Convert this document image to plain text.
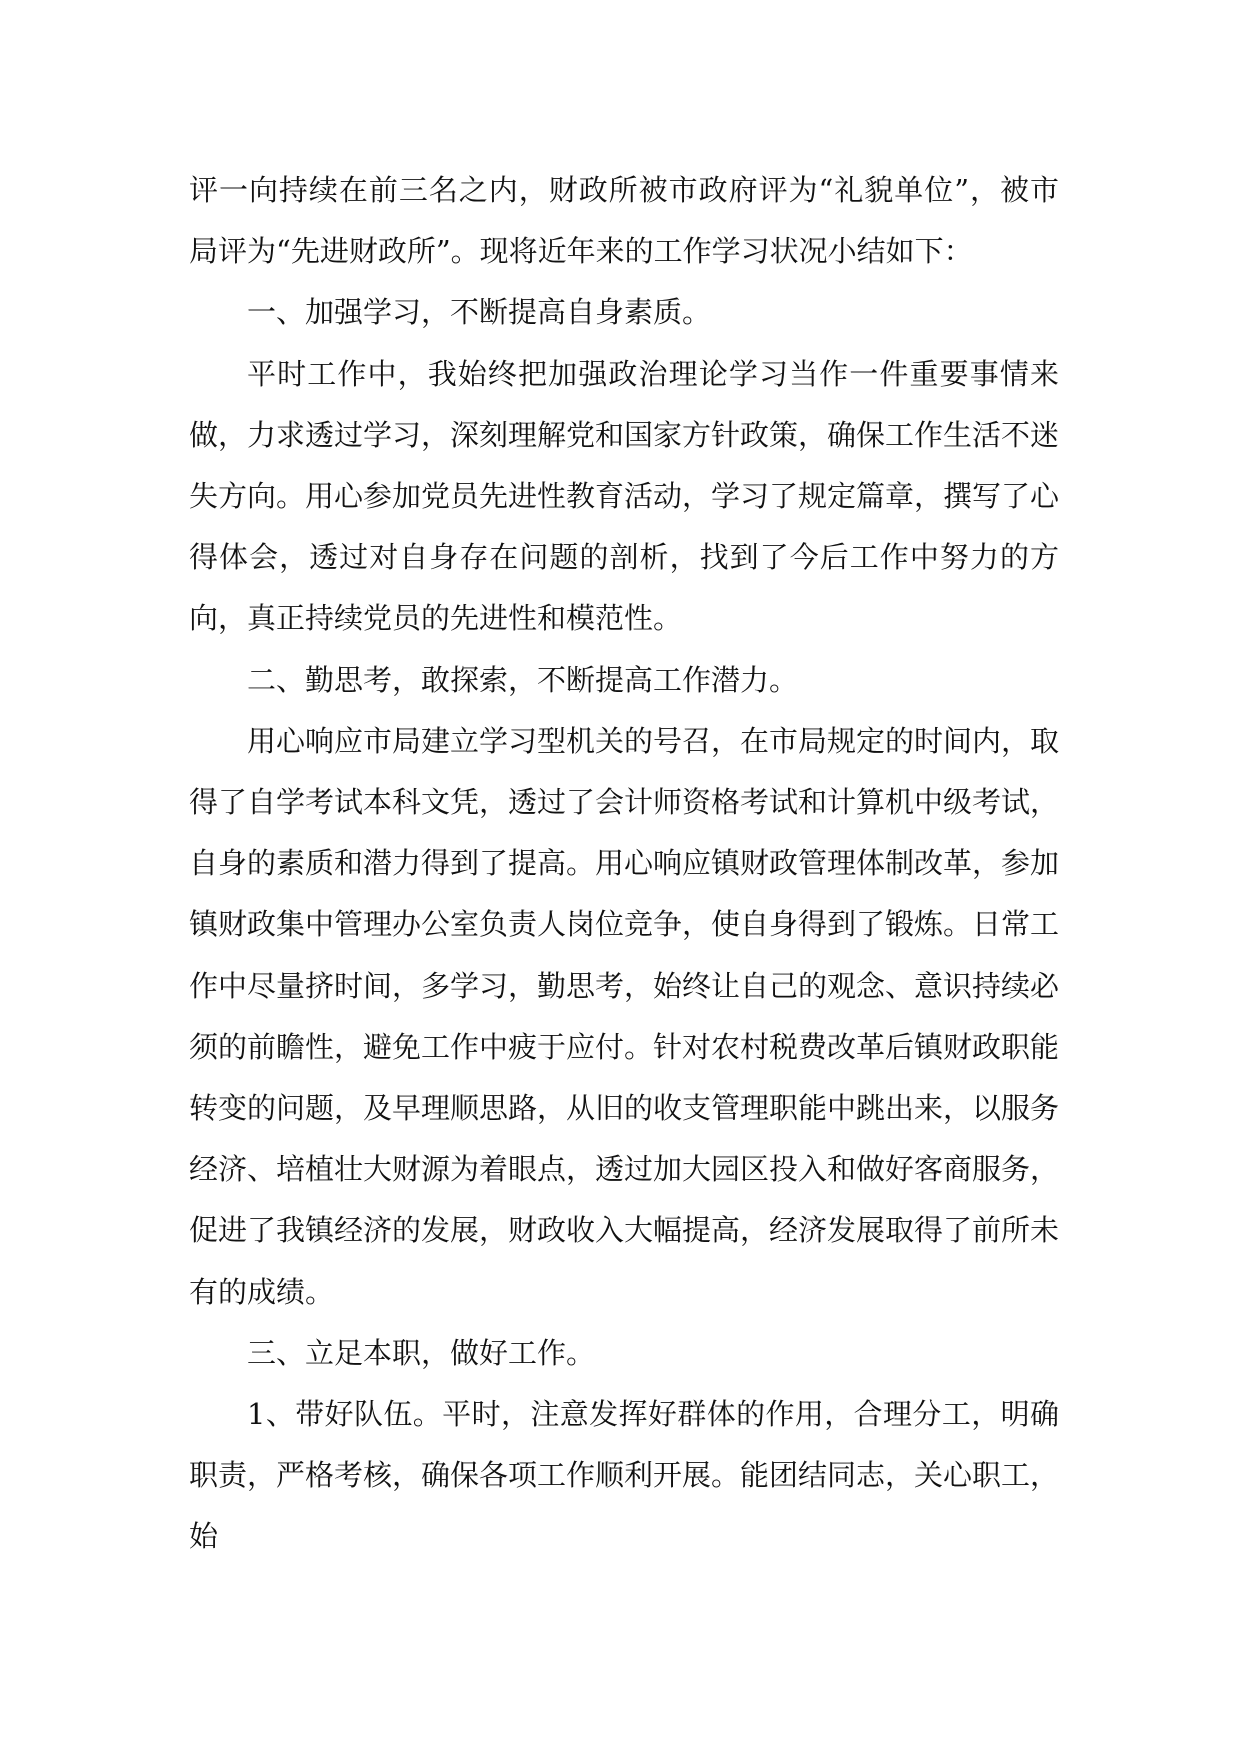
评一向持续在前三名之内，财政所被市政府评为“礼貌单位”，被市局评为“先进财政所”。现将近年来的工作学习状况小结如下：

一、加强学习，不断提高自身素质。

平时工作中，我始终把加强政治理论学习当作一件重要事情来做，力求透过学习，深刻理解党和国家方针政策，确保工作生活不迷失方向。用心参加党员先进性教育活动，学习了规定篇章，撰写了心得体会，透过对自身存在问题的剖析，找到了今后工作中努力的方向，真正持续党员的先进性和模范性。

二、勤思考，敢探索，不断提高工作潜力。

用心响应市局建立学习型机关的号召，在市局规定的时间内，取得了自学考试本科文凭，透过了会计师资格考试和计算机中级考试，自身的素质和潜力得到了提高。用心响应镇财政管理体制改革，参加镇财政集中管理办公室负责人岗位竞争，使自身得到了锻炼。日常工作中尽量挤时间，多学习，勤思考，始终让自己的观念、意识持续必须的前瞻性，避免工作中疲于应付。针对农村税费改革后镇财政职能转变的问题，及早理顺思路，从旧的收支管理职能中跳出来，以服务经济、培植壮大财源为着眼点，透过加大园区投入和做好客商服务，促进了我镇经济的发展，财政收入大幅提高，经济发展取得了前所未有的成绩。

三、立足本职，做好工作。

1、带好队伍。平时，注意发挥好群体的作用，合理分工，明确职责，严格考核，确保各项工作顺利开展。能团结同志，关心职工，始
